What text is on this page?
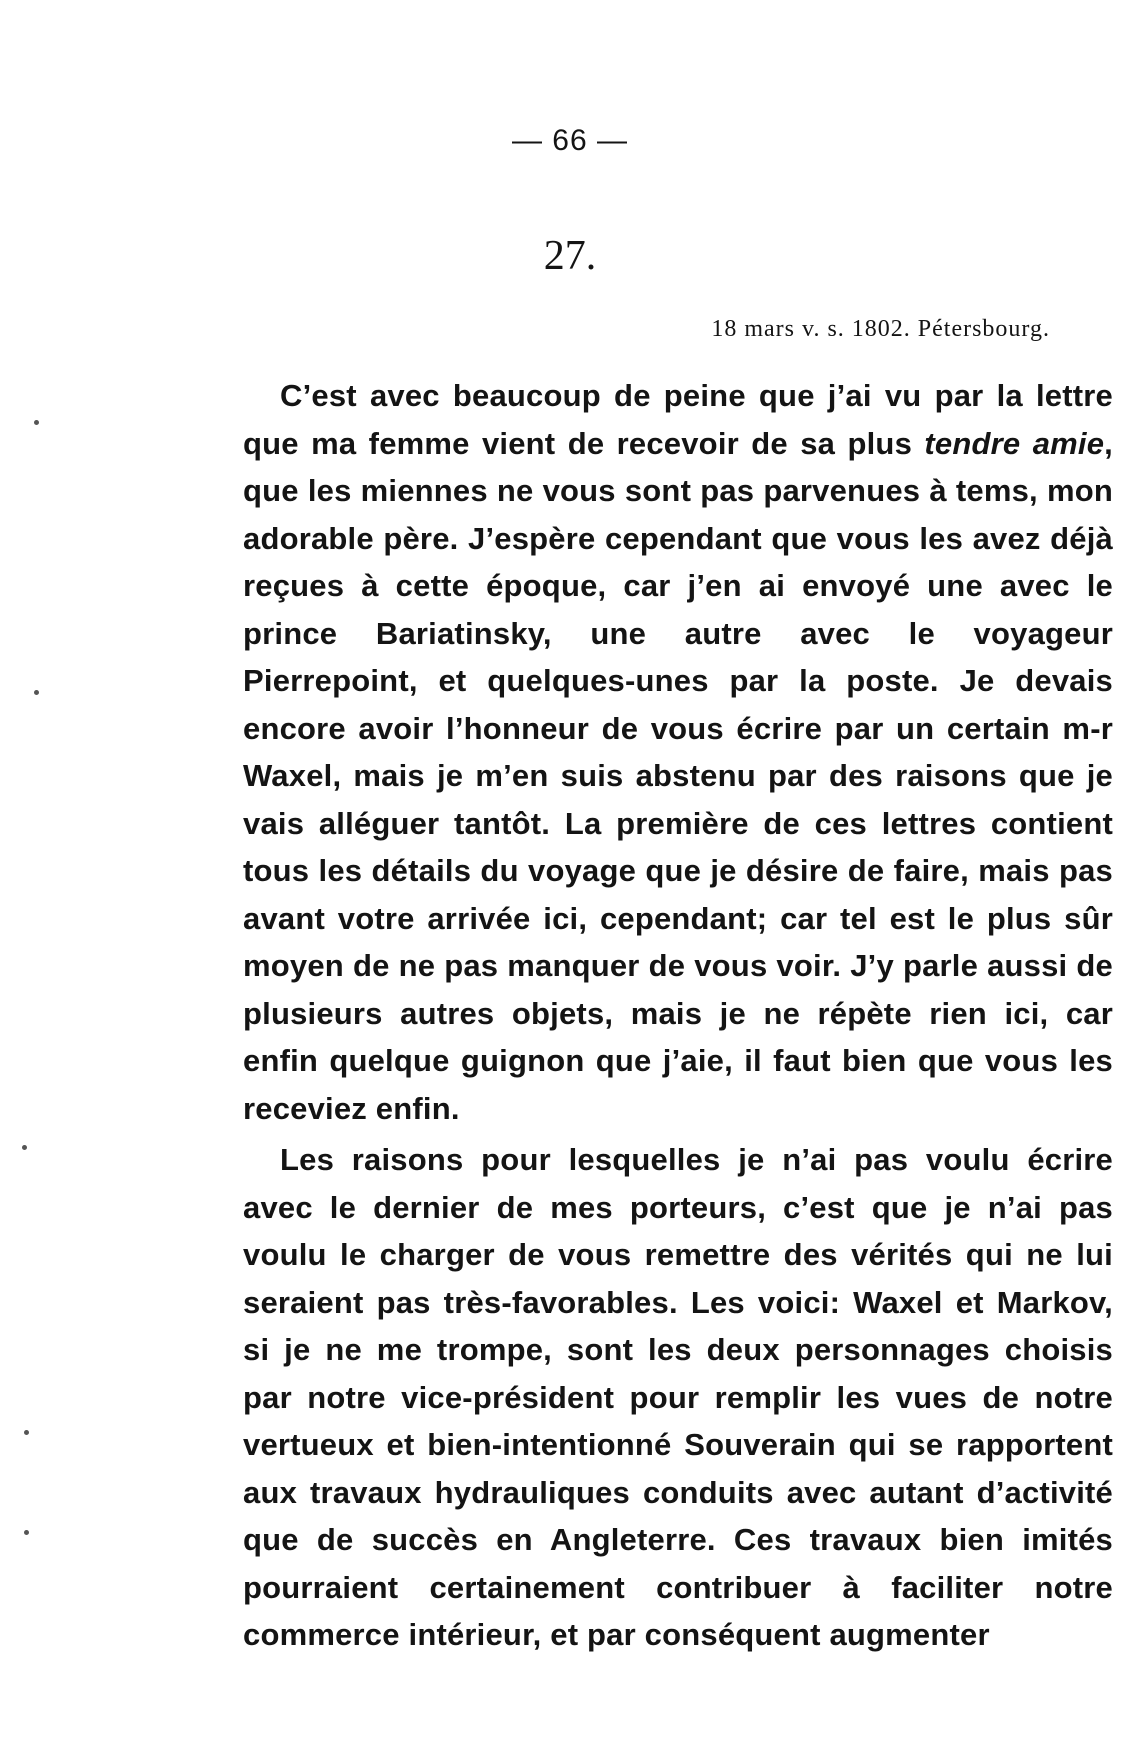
— 66 —
27.
18 mars v. s. 1802. Pétersbourg.

C’est avec beaucoup de peine que j’ai vu par la lettre que ma femme vient de recevoir de sa plus tendre amie, que les miennes ne vous sont pas parvenues à tems, mon adorable père. J’espère cependant que vous les avez déjà reçues à cette époque, car j’en ai envoyé une avec le prince Bariatinsky, une autre avec le voyageur Pierrepoint, et quelques-unes par la poste. Je devais encore avoir l’honneur de vous écrire par un certain m-r Waxel, mais je m’en suis abstenu par des raisons que je vais alléguer tantôt. La première de ces lettres contient tous les détails du voyage que je désire de faire, mais pas avant votre arrivée ici, cependant; car tel est le plus sûr moyen de ne pas manquer de vous voir. J’y parle aussi de plusieurs autres objets, mais je ne répète rien ici, car enfin quelque guignon que j’aie, il faut bien que vous les receviez enfin.

Les raisons pour lesquelles je n’ai pas voulu écrire avec le dernier de mes porteurs, c’est que je n’ai pas voulu le charger de vous remettre des vérités qui ne lui seraient pas très-favorables. Les voici: Waxel et Markov, si je ne me trompe, sont les deux personnages choisis par notre vice-président pour remplir les vues de notre vertueux et bien-intentionné Souverain qui se rapportent aux travaux hydrauliques conduits avec autant d’activité que de succès en Angleterre. Ces travaux bien imités pourraient certainement contribuer à faciliter notre commerce intérieur, et par conséquent augmenter
